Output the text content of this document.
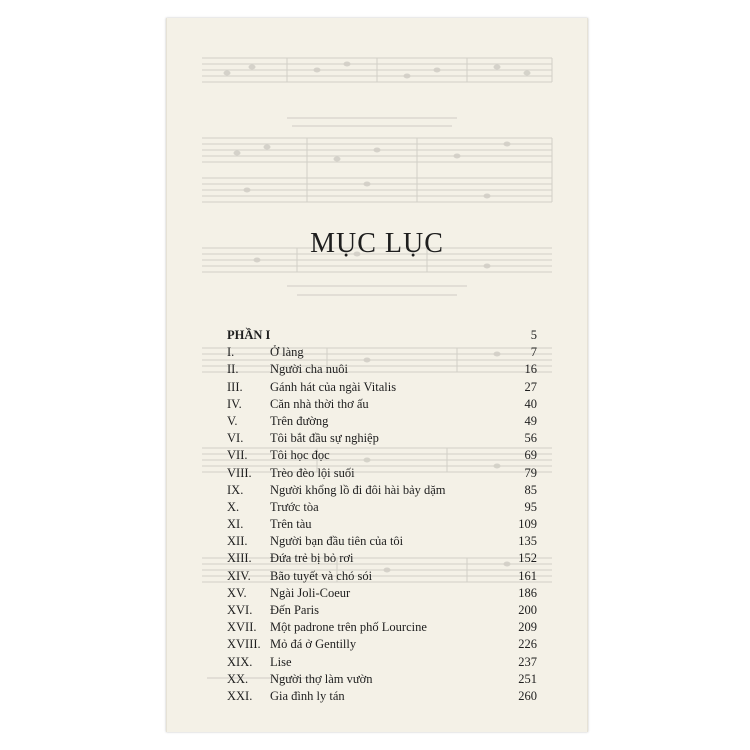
MỤC LỤC
PHẦN I	5
I.	Ở làng	7
II.	Người cha nuôi	16
III. Gánh hát của ngài Vitalis	27
IV. Căn nhà thời thơ ấu	40
V.	Trên đường	49
VI. Tôi bắt đầu sự nghiệp	56
VII. Tôi học đọc	69
VIII. Trèo đèo lội suối	79
IX. Người khổng lồ đi đôi hài bảy dặm	85
X. Trước tòa	95
XI. Trên tàu	109
XII. Người bạn đầu tiên của tôi	135
XIII. Đứa trẻ bị bỏ rơi	152
XIV. Bão tuyết và chó sói	161
XV. Ngài Joli-Coeur	186
XVI. Đến Paris	200
XVII. Một padrone trên phố Lourcine	209
XVIII. Mỏ đá ở Gentilly	226
XIX. Lise	237
XX. Người thợ làm vườn	251
XXI. Gia đình ly tán	260
